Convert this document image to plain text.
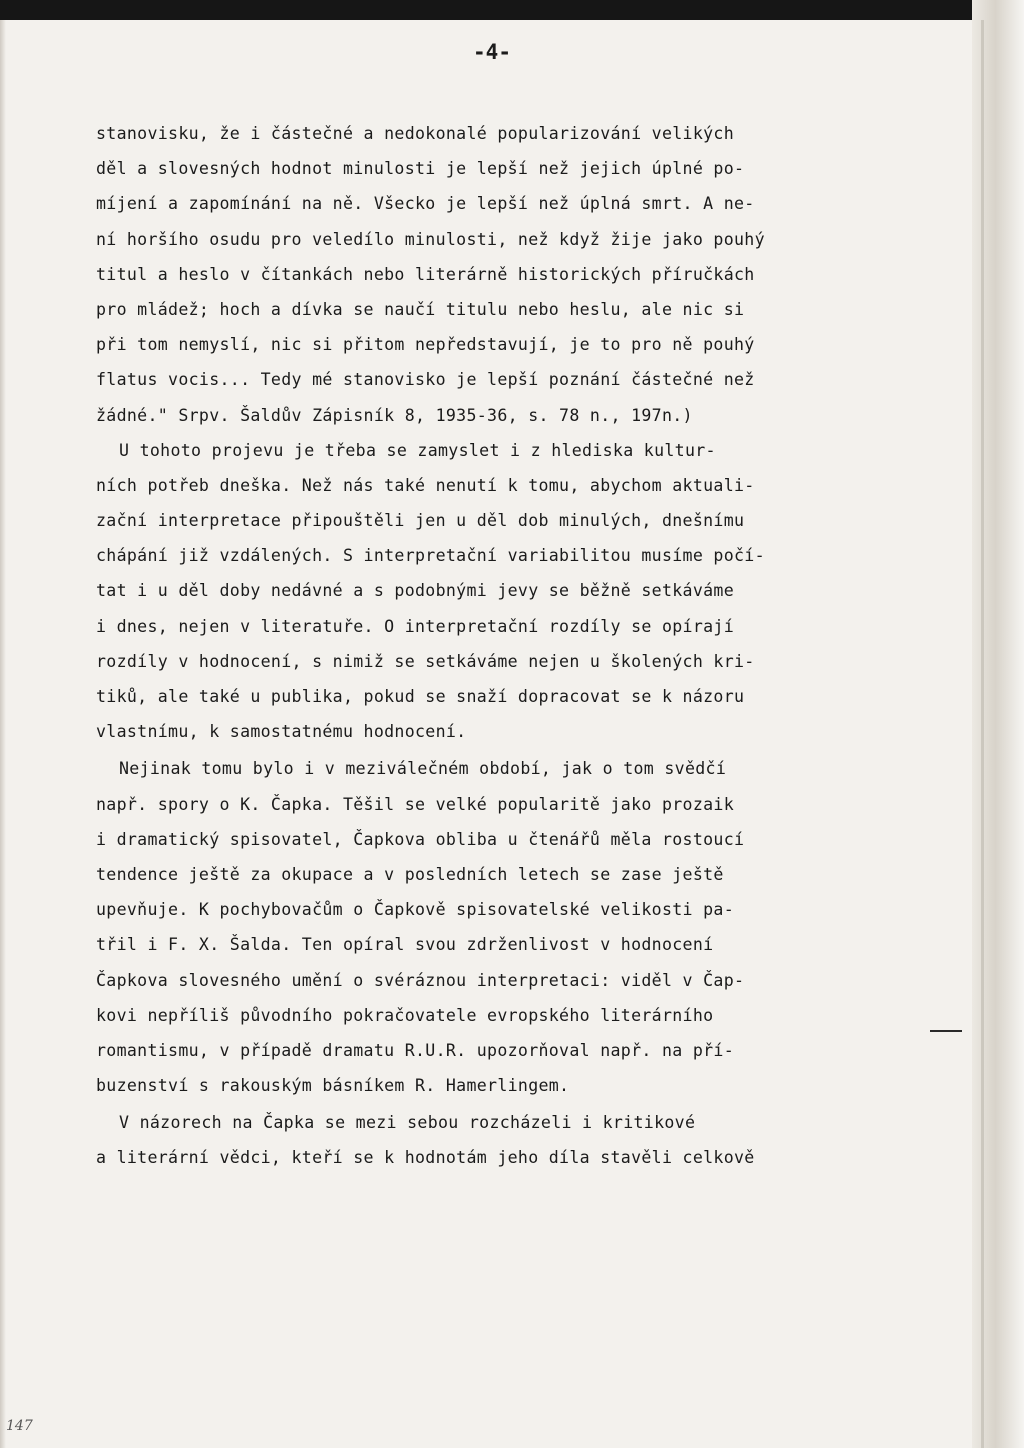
-4-
stanovisku, že i částečné a nedokonalé popularizování velikých
děl a slovesných hodnot minulosti je lepší než jejich úplné po-
míjení a zapomínání na ně. Všecko je lepší než úplná smrt. A ne-
ní horšího osudu pro veledílo minulosti, než když žije jako pouhý
titul a heslo v čítankách nebo literárně historických příručkách
pro mládež; hoch a dívka se naučí titulu nebo heslu, ale nic si
při tom nemyslí, nic si přitom nepředstavují, je to pro ně pouhý
flatus vocis... Tedy mé stanovisko je lepší poznání částečné než
žádné." Srpv. Šaldův Zápisník 8, 1935-36, s. 78 n., 197n.)
U tohoto projevu je třeba se zamyslet i z hlediska kultur-
ních potřeb dneška. Než nás také nenutí k tomu, abychom aktuali-
zační interpretace připouštěli jen u děl dob minulých, dnešnímu
chápání již vzdálených. S interpretační variabilitou musíme počí-
tat i u děl doby nedávné a s podobnými jevy se běžně setkáváme
i dnes, nejen v literatuře. O interpretační rozdíly se opírají
rozdíly v hodnocení, s nimiž se setkáváme nejen u školených kri-
tiků, ale také u publika, pokud se snaží dopracovat se k názoru
vlastnímu, k samostatnému hodnocení.
Nejinak tomu bylo i v meziválečném období, jak o tom svědčí
např. spory o K. Čapka. Těšil se velké popularitě jako prozaik
i dramatický spisovatel, Čapkova obliba u čtenářů měla rostoucí
tendence ještě za okupace a v posledních letech se zase ještě
upevňuje. K pochybovačům o Čapkově spisovatelské velikosti pa-
třil i F. X. Šalda. Ten opíral svou zdrženlivost v hodnocení
Čapkova slovesného umění o svéráznou interpretaci: viděl v Čap-
kovi nepříliš původního pokračovatele evropského literárního
romantismu, v případě dramatu R.U.R. upozorňoval např. na pří-
buzenství s rakouským básníkem R. Hamerlingem.
V názorech na Čapka se mezi sebou rozcházeli i kritikové
a literární vědci, kteří se k hodnotám jeho díla stavěli celkově
147
